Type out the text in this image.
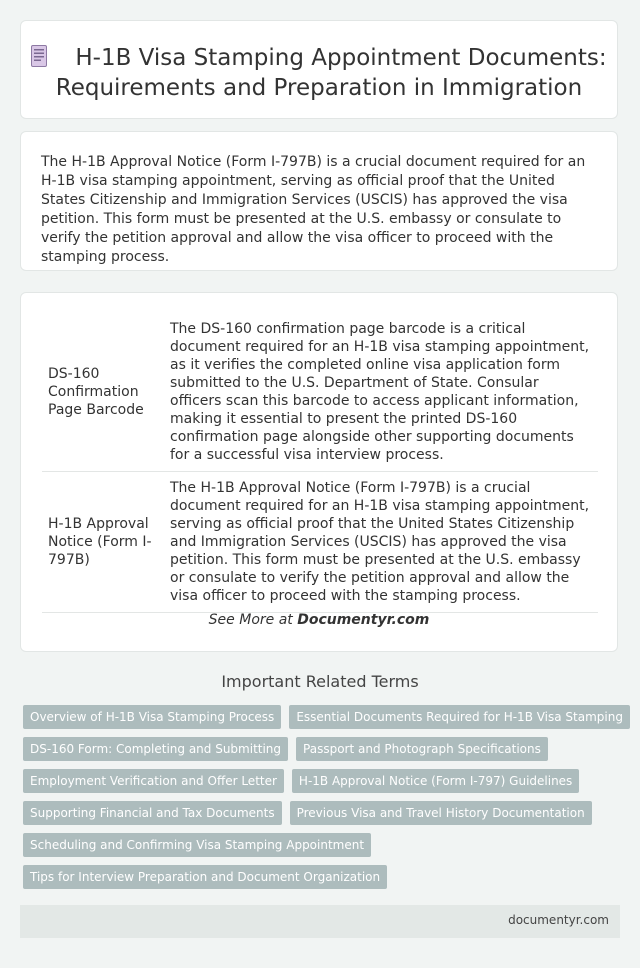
H-1B Visa Stamping Appointment Documents: Requirements and Preparation in Immigration

The H-1B Approval Notice (Form I-797B) is a crucial document required for an H-1B visa stamping appointment, serving as official proof that the United States Citizenship and Immigration Services (USCIS) has approved the visa petition. This form must be presented at the U.S. embassy or consulate to verify the petition approval and allow the visa officer to proceed with the stamping process.

DS-160 Confirmation Page Barcode	The DS-160 confirmation page barcode is a critical document required for an H-1B visa stamping appointment, as it verifies the completed online visa application form submitted to the U.S. Department of State. Consular officers scan this barcode to access applicant information, making it essential to present the printed DS-160 confirmation page alongside other supporting documents for a successful visa interview process.
H-1B Approval Notice (Form I-797B)	The H-1B Approval Notice (Form I-797B) is a crucial document required for an H-1B visa stamping appointment, serving as official proof that the United States Citizenship and Immigration Services (USCIS) has approved the visa petition. This form must be presented at the U.S. embassy or consulate to verify the petition approval and allow the visa officer to proceed with the stamping process.
See More at Documentyr.com
Important Related Terms
Overview of H-1B Visa Stamping Process	Essential Documents Required for H-1B Visa Stamping
DS-160 Form: Completing and Submitting	Passport and Photograph Specifications
Employment Verification and Offer Letter	H-1B Approval Notice (Form I-797) Guidelines
Supporting Financial and Tax Documents	Previous Visa and Travel History Documentation
Scheduling and Confirming Visa Stamping Appointment
Tips for Interview Preparation and Document Organization
documentyr.com
